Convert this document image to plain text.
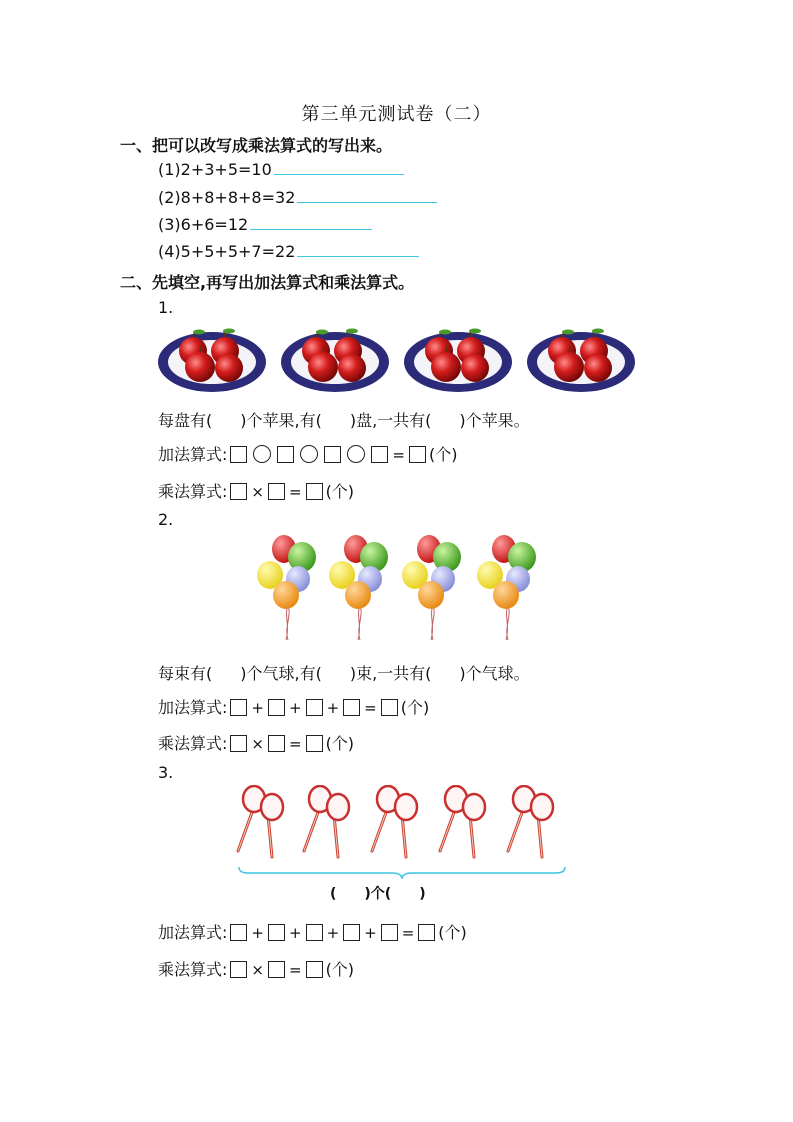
第三单元测试卷（二）
一、把可以改写成乘法算式的写出来。
(1)2+3+5=10
(2)8+8+8+8=32
(3)6+6=12
(4)5+5+5+7=22
二、先填空,再写出加法算式和乘法算式。
1.
每盘有( )个苹果,有( )盘,一共有( )个苹果。
加法算式:	= (个)
乘法算式: × = (个)
2.
每束有( )个气球,有( )束,一共有( )个气球。
加法算式: + + + = (个)
乘法算式: × = (个)
3.
(　　)个(　　)
加法算式: + + + + = (个)
乘法算式: × = (个)
